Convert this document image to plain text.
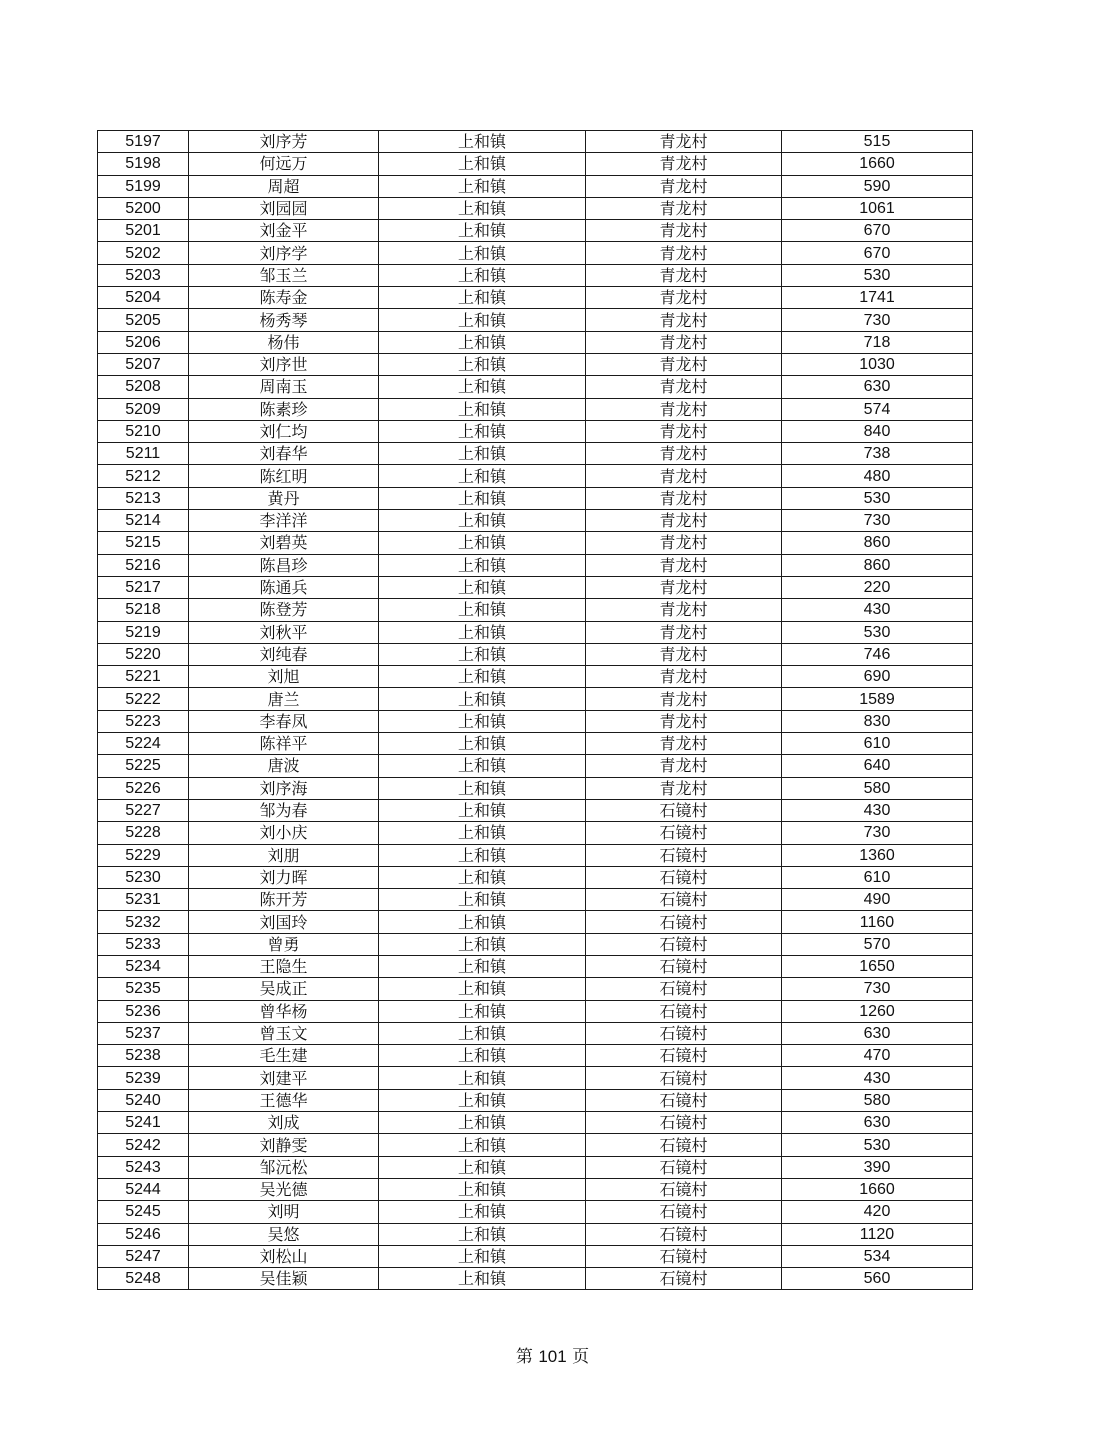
5197	刘序芳	上和镇	青龙村	515
5198	何远万	上和镇	青龙村	1660
5199	周超	上和镇	青龙村	590
5200	刘园园	上和镇	青龙村	1061
5201	刘金平	上和镇	青龙村	670
5202	刘序学	上和镇	青龙村	670
5203	邹玉兰	上和镇	青龙村	530
5204	陈寿金	上和镇	青龙村	1741
5205	杨秀琴	上和镇	青龙村	730
5206	杨伟	上和镇	青龙村	718
5207	刘序世	上和镇	青龙村	1030
5208	周南玉	上和镇	青龙村	630
5209	陈素珍	上和镇	青龙村	574
5210	刘仁均	上和镇	青龙村	840
5211	刘春华	上和镇	青龙村	738
5212	陈红明	上和镇	青龙村	480
5213	黄丹	上和镇	青龙村	530
5214	李洋洋	上和镇	青龙村	730
5215	刘碧英	上和镇	青龙村	860
5216	陈昌珍	上和镇	青龙村	860
5217	陈通兵	上和镇	青龙村	220
5218	陈登芳	上和镇	青龙村	430
5219	刘秋平	上和镇	青龙村	530
5220	刘纯春	上和镇	青龙村	746
5221	刘旭	上和镇	青龙村	690
5222	唐兰	上和镇	青龙村	1589
5223	李春凤	上和镇	青龙村	830
5224	陈祥平	上和镇	青龙村	610
5225	唐波	上和镇	青龙村	640
5226	刘序海	上和镇	青龙村	580
5227	邹为春	上和镇	石镜村	430
5228	刘小庆	上和镇	石镜村	730
5229	刘朋	上和镇	石镜村	1360
5230	刘力晖	上和镇	石镜村	610
5231	陈开芳	上和镇	石镜村	490
5232	刘国玲	上和镇	石镜村	1160
5233	曾勇	上和镇	石镜村	570
5234	王隐生	上和镇	石镜村	1650
5235	吴成正	上和镇	石镜村	730
5236	曾华杨	上和镇	石镜村	1260
5237	曾玉文	上和镇	石镜村	630
5238	毛生建	上和镇	石镜村	470
5239	刘建平	上和镇	石镜村	430
5240	王德华	上和镇	石镜村	580
5241	刘成	上和镇	石镜村	630
5242	刘静雯	上和镇	石镜村	530
5243	邹沅松	上和镇	石镜村	390
5244	吴光德	上和镇	石镜村	1660
5245	刘明	上和镇	石镜村	420
5246	吴悠	上和镇	石镜村	1120
5247	刘松山	上和镇	石镜村	534
5248	吴佳颖	上和镇	石镜村	560
第 101 页
